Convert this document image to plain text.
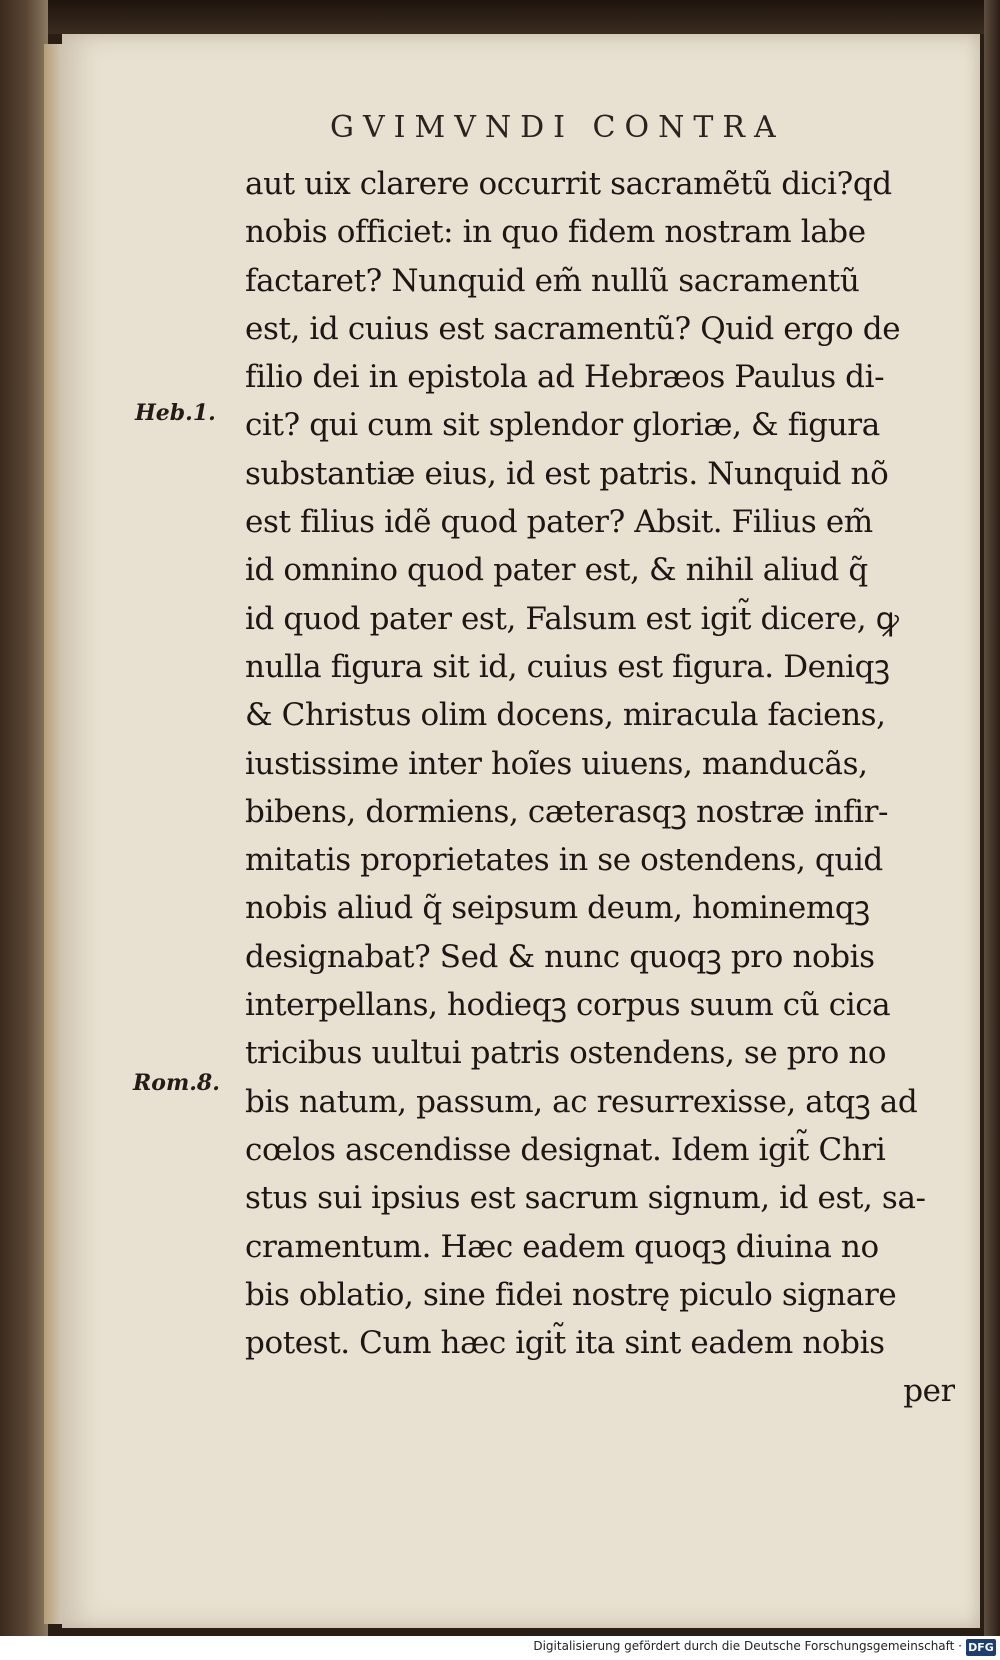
GVIMVNDI CONTRA
Heb.1.
Rom.8.
aut uix clarere occurrit sacramẽtũ dici?qd
nobis officiet: in quo fidem nostram labe
factaret? Nunquid em̃ nullũ sacramentũ
est, id cuius est sacramentũ? Quid ergo de
filio dei in epistola ad Hebræos Paulus di-
cit? qui cum sit splendor gloriæ, & figura
substantiæ eius, id est patris. Nunquid nõ
est filius idẽ quod pater? Absit. Filius em̃
id omnino quod pater est, & nihil aliud q̃
id quod pater est, Falsum est igit̃ dicere, ꝙ
nulla figura sit id, cuius est figura. Deniqꝫ
& Christus olim docens, miracula faciens,
iustissime inter hoĩes uiuens, manducãs,
bibens, dormiens, cæterasqꝫ nostræ infir-
mitatis proprietates in se ostendens, quid
nobis aliud q̃ seipsum deum, hominemqꝫ
designabat? Sed & nunc quoqꝫ pro nobis
interpellans, hodieqꝫ corpus suum cũ cica
tricibus uultui patris ostendens, se pro no
bis natum, passum, ac resurrexisse, atqꝫ ad
cœlos ascendisse designat. Idem igit̃ Chri
stus sui ipsius est sacrum signum, id est, sa-
cramentum. Hæc eadem quoqꝫ diuina no
bis oblatio, sine fidei nostrę piculo signare
potest. Cum hæc igit̃ ita sint eadem nobis
per
Digitalisierung gefördert durch die Deutsche Forschungsgemeinschaft · DFG
